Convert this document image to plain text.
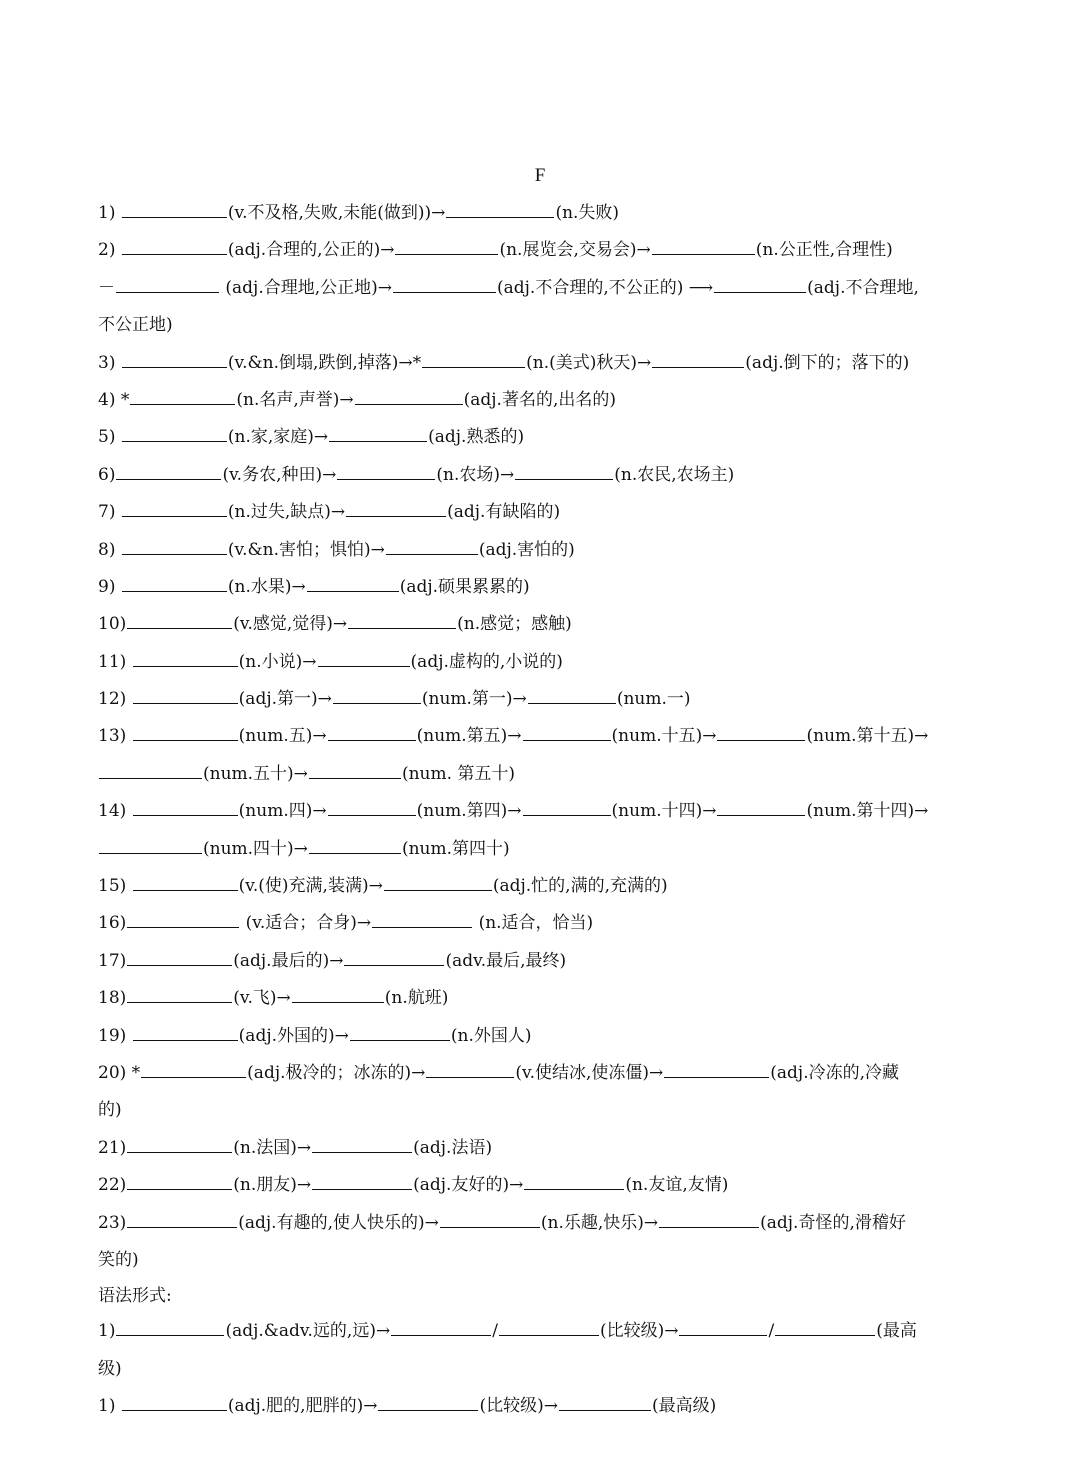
F
1)	(v.不及格,失败,未能(做到))→	(n.失败)
2)	(adj.合理的,公正的)→	(n.展览会,交易会)→	(n.公正性,合理性)
－	(adj.合理地,公正地)→	(adj.不合理的,不公正的) ⟶	(adj.不合理地,
不公正地)
3)	(v.&n.倒塌,跌倒,掉落)→*	(n.(美式)秋天)→	(adj.倒下的；落下的)
4) *	(n.名声,声誉)→	(adj.著名的,出名的)
5)	(n.家,家庭)→	(adj.熟悉的)
6)	(v.务农,种田)→	(n.农场)→	(n.农民,农场主)
7)	(n.过失,缺点)→	(adj.有缺陷的)
8)	(v.&n.害怕；惧怕)→	(adj.害怕的)
9)	(n.水果)→	(adj.硕果累累的)
10)	(v.感觉,觉得)→	(n.感觉；感触)
11)	(n.小说)→	(adj.虚构的,小说的)
12)	(adj.第一)→	(num.第一)→	(num.一)
13)	(num.五)→	(num.第五)→	(num.十五)→	(num.第十五)→
(num.五十)→	(num. 第五十)
14)	(num.四)→	(num.第四)→	(num.十四)→	(num.第十四)→
(num.四十)→	(num.第四十)
15)	(v.(使)充满,装满)→	(adj.忙的,满的,充满的)
16)	(v.适合；合身)→	(n.适合，恰当)
17)	(adj.最后的)→	(adv.最后,最终)
18)	(v.飞)→	(n.航班)
19)	(adj.外国的)→	(n.外国人)
20) *	(adj.极冷的；冰冻的)→	(v.使结冰,使冻僵)→	(adj.冷冻的,冷藏
的)
21)	(n.法国)→	(adj.法语)
22)	(n.朋友)→	(adj.友好的)→	(n.友谊,友情)
23)	(adj.有趣的,使人快乐的)→	(n.乐趣,快乐)→	(adj.奇怪的,滑稽好
笑的)
语法形式:
1)	(adj.&adv.远的,远)→	/	(比较级)→	/	(最高
级)
1)	(adj.肥的,肥胖的)→	(比较级)→	(最高级)
